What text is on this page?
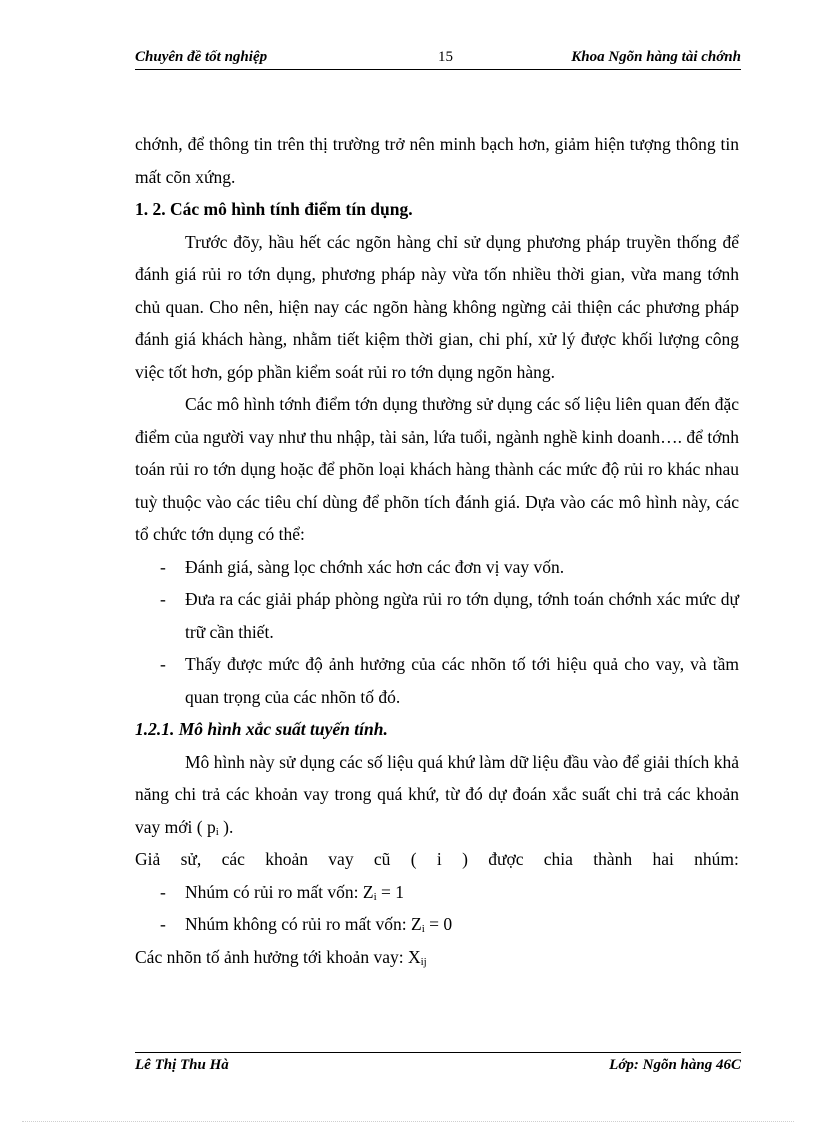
Chuyên đề tốt nghiệp	15	Khoa Ngõn hàng tài chớnh

chớnh, để thông tin trên thị trường trở nên minh bạch hơn, giảm hiện tượng thông tin mất cõn xứng.

1. 2. Các mô hình tính điểm tín dụng.

Trước đõy, hầu hết các ngõn hàng chỉ sử dụng phương pháp truyền thống để đánh giá rủi ro tớn dụng, phương pháp này vừa tốn nhiều thời gian, vừa mang tớnh chủ quan. Cho nên, hiện nay các ngõn hàng không ngừng cải thiện các phương pháp đánh giá khách hàng, nhằm tiết kiệm thời gian, chi phí, xử lý được khối lượng công việc tốt hơn, góp phần kiểm soát rủi ro tớn dụng ngõn hàng.

Các mô hình tớnh điểm tớn dụng thường sử dụng các số liệu liên quan đến đặc điểm của người vay như thu nhập, tài sản, lứa tuổi, ngành nghề kinh doanh…. để tớnh toán rủi ro tớn dụng hoặc để phõn loại khách hàng thành các mức độ rủi ro khác nhau tuỳ thuộc vào các tiêu chí dùng để phõn tích đánh giá. Dựa vào các mô hình này, các tổ chức tớn dụng có thể:

- Đánh giá, sàng lọc chớnh xác hơn các đơn vị vay vốn.

- Đưa ra các giải pháp phòng ngừa rủi ro tớn dụng, tớnh toán chớnh xác mức dự trữ cần thiết.

- Thấy được mức độ ảnh hưởng của các nhõn tố tới hiệu quả cho vay, và tầm quan trọng của các nhõn tố đó.

1.2.1. Mô hình xắc suất tuyến tính.

Mô hình này sử dụng các số liệu quá khứ làm dữ liệu đầu vào để giải thích khả năng chi trả các khoản vay trong quá khứ, từ đó dự đoán xắc suất chi trả các khoản vay mới ( $p_i$ ).

Giả sử, các khoản vay cũ ( i ) được chia thành hai nhúm:

- Nhúm có rủi ro mất vốn: $Z_i = 1$

- Nhúm không có rủi ro mất vốn: $Z_i = 0$

Các nhõn tố ảnh hưởng tới khoản vay: $X_{ij}$

Lê Thị Thu Hà	Lớp: Ngõn hàng 46C
